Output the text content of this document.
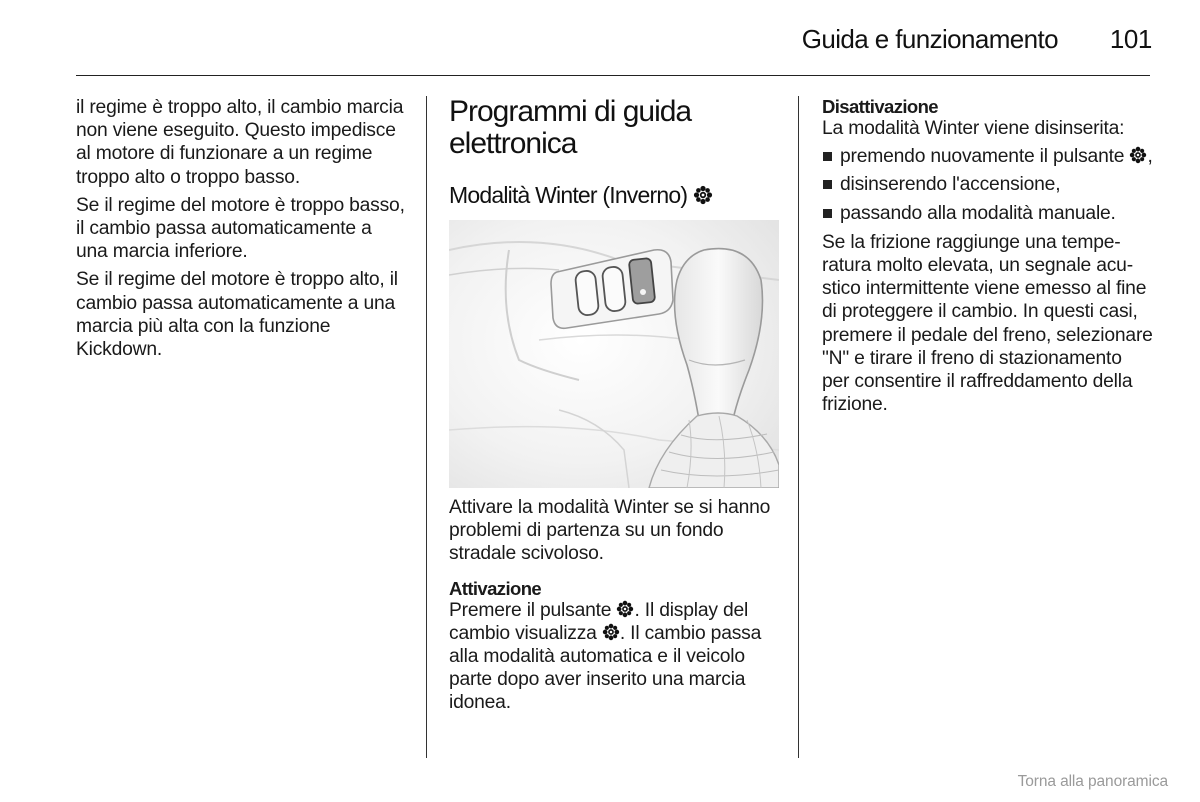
Guida e funzionamento	101

il regime è troppo alto, il cambio marcia non viene eseguito. Questo impedisce al motore di funzionare a un regime troppo alto o troppo basso.

Se il regime del motore è troppo basso, il cambio passa automaticamente a una marcia inferiore.

Se il regime del motore è troppo alto, il cambio passa automaticamente a una marcia più alta con la funzione Kickdown.

Programmi di guida elettronica
Modalità Winter (Inverno)

Attivare la modalità Winter se si hanno problemi di partenza su un fondo stradale scivoloso.

Attivazione

Premere il pulsante . Il display del cambio visualizza . Il cambio passa alla modalità automatica e il veicolo parte dopo aver inserito una marcia idonea.

Disattivazione

La modalità Winter viene disinserita:

premendo nuovamente il pulsante ,
disinserendo l'accensione,
passando alla modalità manuale.

Se la frizione raggiunge una temperatura molto elevata, un segnale acustico intermittente viene emesso al fine di proteggere il cambio. In questi casi, premere il pedale del freno, selezionare "N" e tirare il freno di stazionamento per consentire il raffreddamento della frizione.

Torna alla panoramica
